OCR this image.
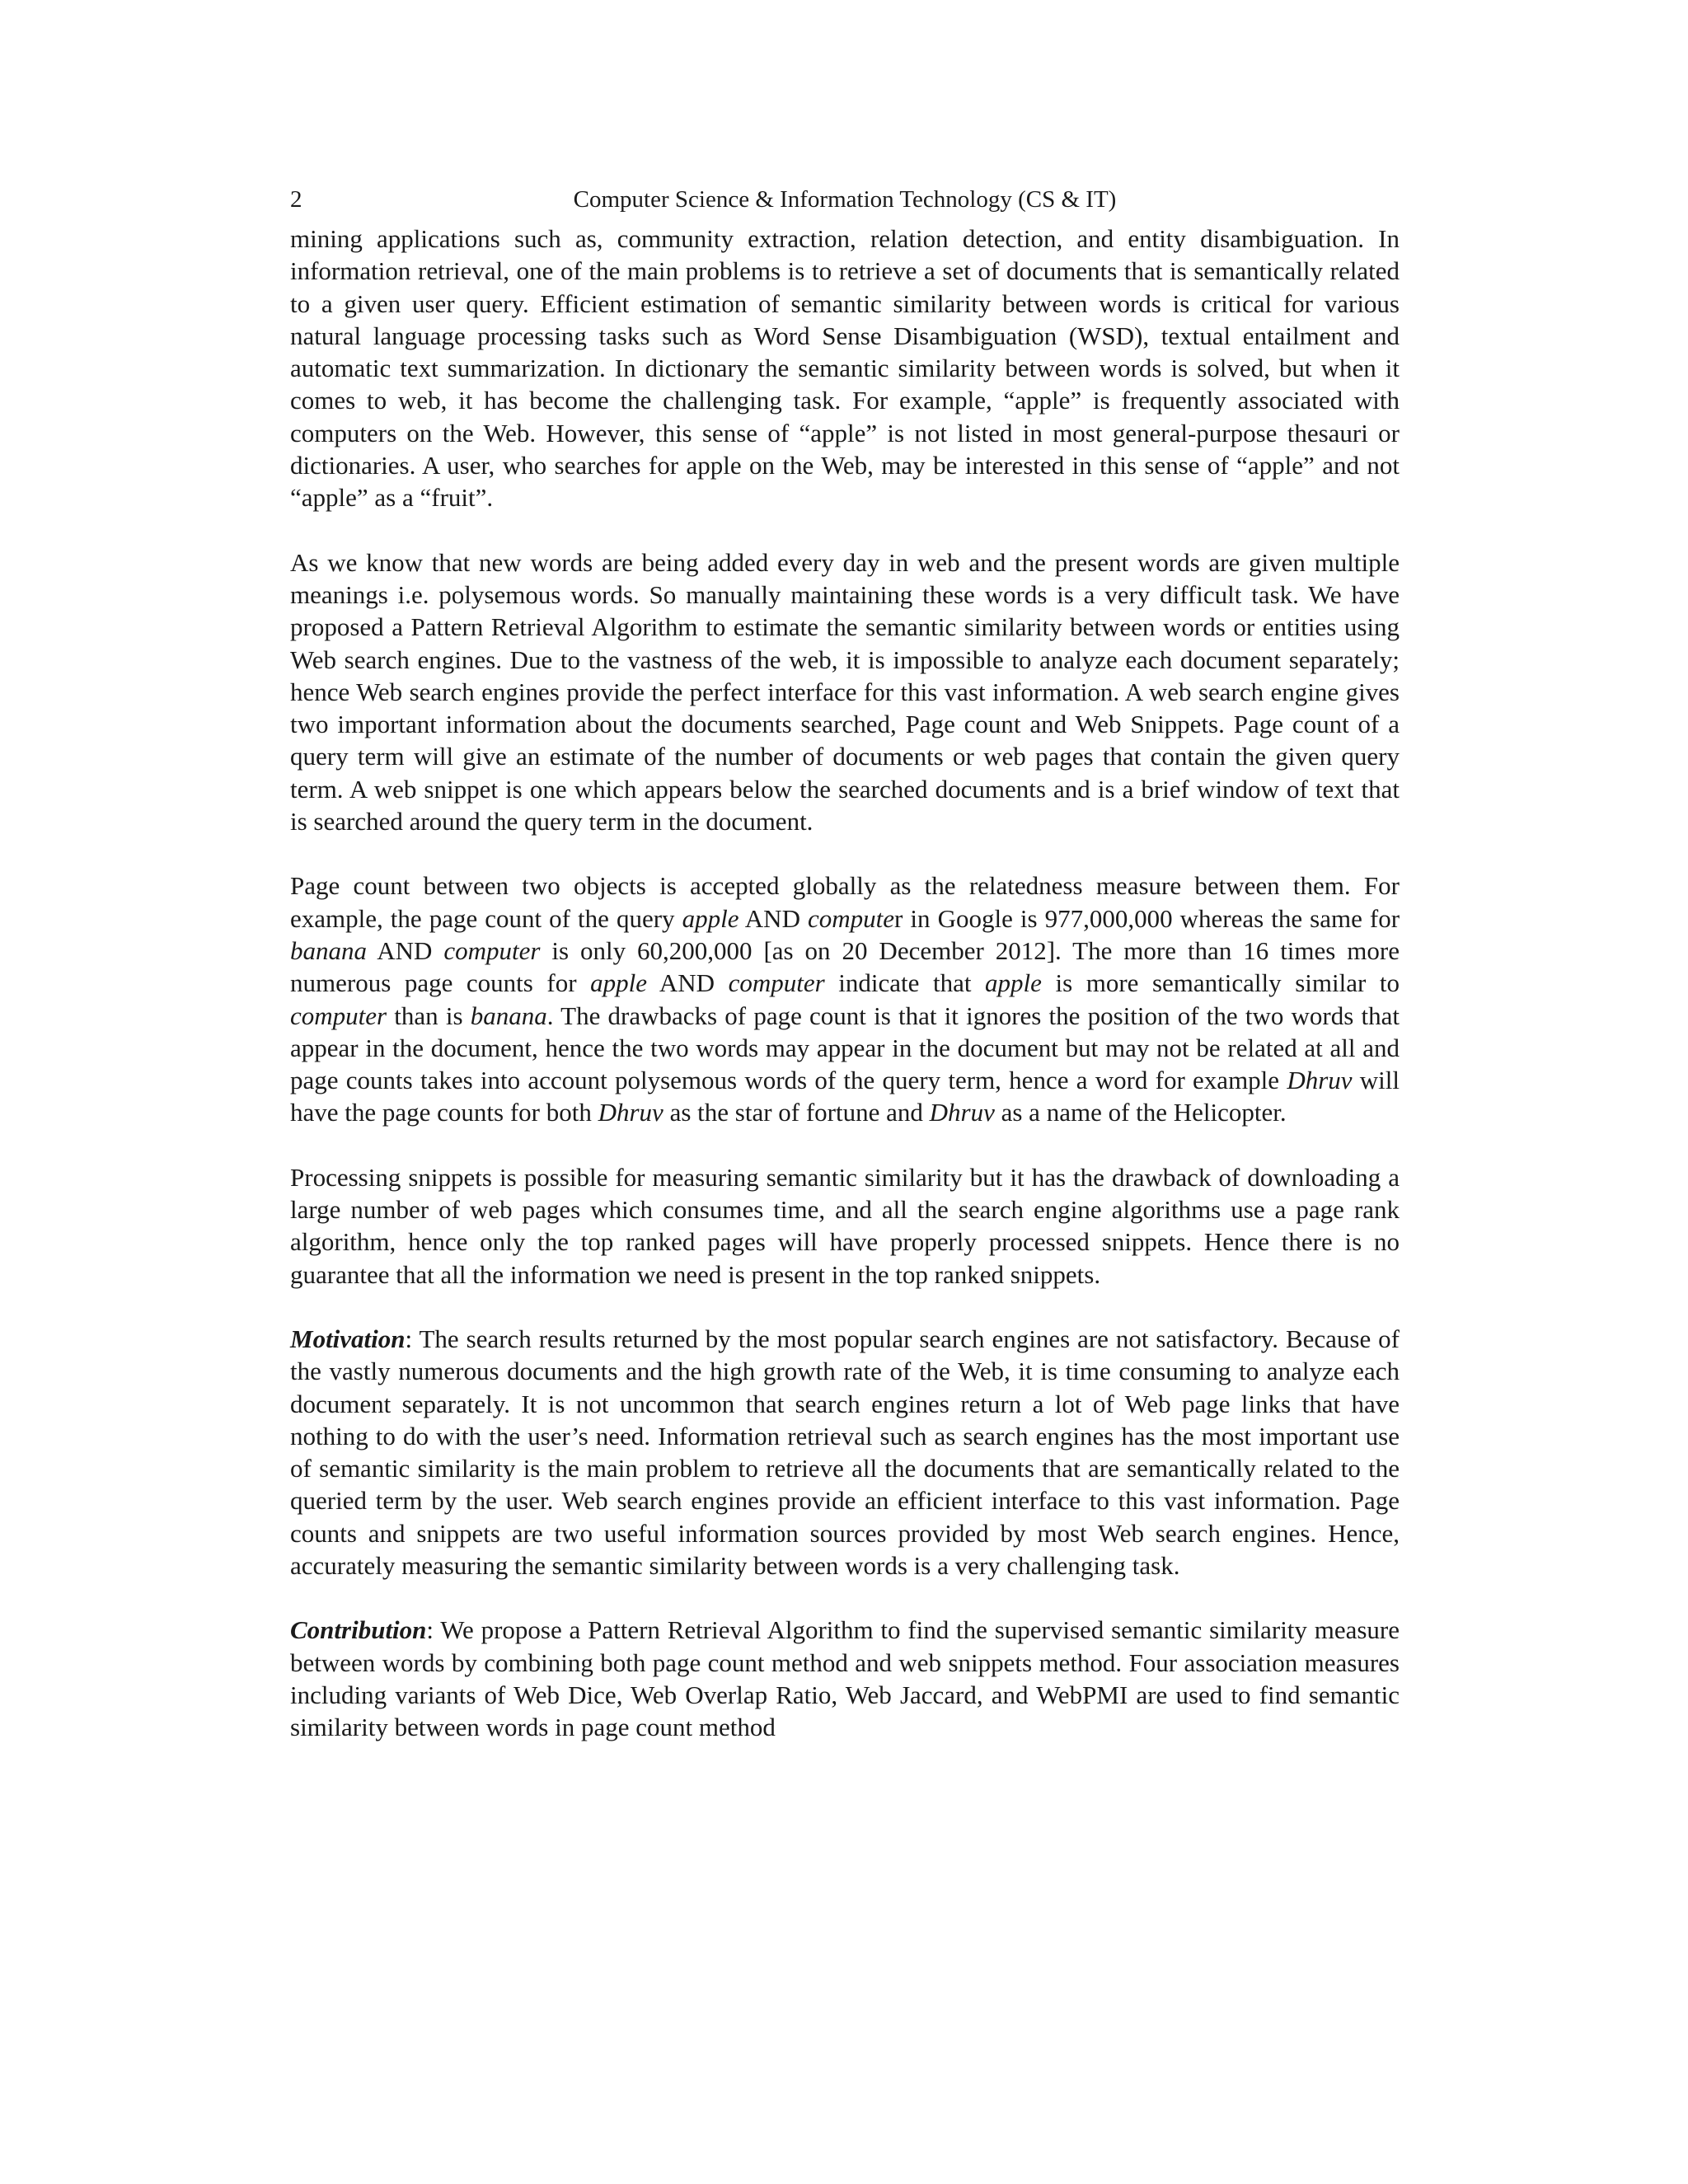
2	Computer Science & Information Technology (CS & IT)

mining applications such as, community extraction, relation detection, and entity disambiguation. In information retrieval, one of the main problems is to retrieve a set of documents that is semantically related to a given user query. Efficient estimation of semantic similarity between words is critical for various natural language processing tasks such as Word Sense Disambiguation (WSD), textual entailment and automatic text summarization. In dictionary the semantic similarity between words is solved, but when it comes to web, it has become the challenging task. For example, “apple” is frequently associated with computers on the Web. However, this sense of “apple” is not listed in most general-purpose thesauri or dictionaries. A user, who searches for apple on the Web, may be interested in this sense of “apple” and not “apple” as a “fruit”.

As we know that new words are being added every day in web and the present words are given multiple meanings i.e. polysemous words. So manually maintaining these words is a very difficult task. We have proposed a Pattern Retrieval Algorithm to estimate the semantic similarity between words or entities using Web search engines. Due to the vastness of the web, it is impossible to analyze each document separately; hence Web search engines provide the perfect interface for this vast information. A web search engine gives two important information about the documents searched, Page count and Web Snippets. Page count of a query term will give an estimate of the number of documents or web pages that contain the given query term. A web snippet is one which appears below the searched documents and is a brief window of text that is searched around the query term in the document.

Page count between two objects is accepted globally as the relatedness measure between them. For example, the page count of the query apple AND computer in Google is 977,000,000 whereas the same for banana AND computer is only 60,200,000 [as on 20 December 2012]. The more than 16 times more numerous page counts for apple AND computer indicate that apple is more semantically similar to computer than is banana. The drawbacks of page count is that it ignores the position of the two words that appear in the document, hence the two words may appear in the document but may not be related at all and page counts takes into account polysemous words of the query term, hence a word for example Dhruv will have the page counts for both Dhruv as the star of fortune and Dhruv as a name of the Helicopter.

Processing snippets is possible for measuring semantic similarity but it has the drawback of downloading a large number of web pages which consumes time, and all the search engine algorithms use a page rank algorithm, hence only the top ranked pages will have properly processed snippets. Hence there is no guarantee that all the information we need is present in the top ranked snippets.

Motivation: The search results returned by the most popular search engines are not satisfactory. Because of the vastly numerous documents and the high growth rate of the Web, it is time consuming to analyze each document separately. It is not uncommon that search engines return a lot of Web page links that have nothing to do with the user’s need. Information retrieval such as search engines has the most important use of semantic similarity is the main problem to retrieve all the documents that are semantically related to the queried term by the user. Web search engines provide an efficient interface to this vast information. Page counts and snippets are two useful information sources provided by most Web search engines. Hence, accurately measuring the semantic similarity between words is a very challenging task.

Contribution: We propose a Pattern Retrieval Algorithm to find the supervised semantic similarity measure between words by combining both page count method and web snippets method. Four association measures including variants of Web Dice, Web Overlap Ratio, Web Jaccard, and WebPMI are used to find semantic similarity between words in page count method
